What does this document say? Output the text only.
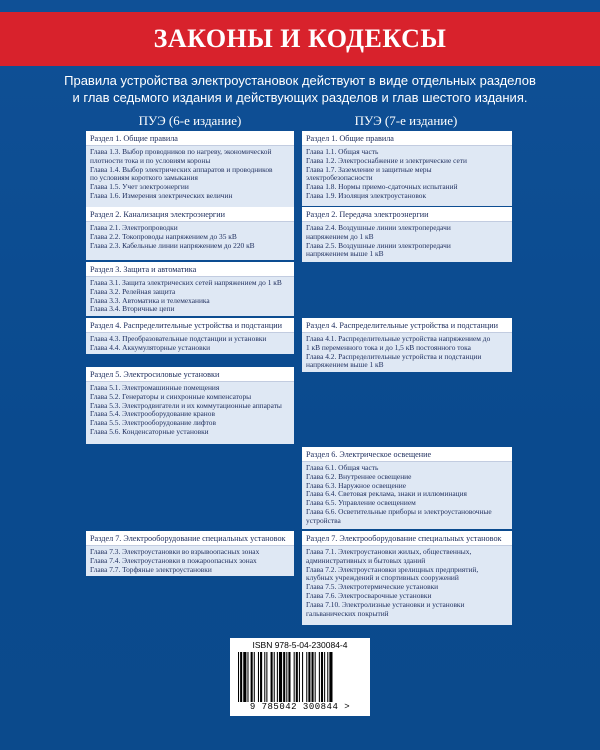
ЗАКОНЫ И КОДЕКСЫ
Правила устройства электроустановок действуют в виде отдельных разделов
и глав седьмого издания и действующих разделов и глав шестого издания.
ПУЭ (6-е издание)	ПУЭ (7-е издание)
Раздел 1. Общие правила
Глава 1.3. Выбор проводников по нагреву, экономической
плотности тока и по условиям короны
Глава 1.4. Выбор электрических аппаратов и проводников
по условиям короткого замыкания
Глава 1.5. Учет электроэнергии
Глава 1.6. Измерения электрических величин
Раздел 2. Канализация электроэнергии
Глава 2.1. Электропроводки
Глава 2.2. Токопроводы напряжением до 35 кВ
Глава 2.3. Кабельные линии напряжением до 220 кВ
Раздел 3. Защита и автоматика
Глава 3.1. Защита электрических сетей напряжением до 1 кВ
Глава 3.2. Релейная защита
Глава 3.3. Автоматика и телемеханика
Глава 3.4. Вторичные цепи
Раздел 4. Распределительные устройства и подстанции
Глава 4.3. Преобразовательные подстанции и установки
Глава 4.4. Аккумуляторные установки
Раздел 5. Электросиловые установки
Глава 5.1. Электромашинные помещения
Глава 5.2. Генераторы и синхронные компенсаторы
Глава 5.3. Электродвигатели и их коммутационные аппараты
Глава 5.4. Электрооборудование кранов
Глава 5.5. Электрооборудование лифтов
Глава 5.6. Конденсаторные установки
Раздел 7. Электрооборудование специальных установок
Глава 7.3. Электроустановки во взрывоопасных зонах
Глава 7.4. Электроустановки в пожароопасных зонах
Глава 7.7. Торфяные электроустановки
Раздел 1. Общие правила
Глава 1.1. Общая часть
Глава 1.2. Электроснабжение и электрические сети
Глава 1.7. Заземление и защитные меры
электробезопасности
Глава 1.8. Нормы приемо-сдаточных испытаний
Глава 1.9. Изоляция электроустановок
Раздел 2. Передача электроэнергии
Глава 2.4. Воздушные линии электропередачи
напряжением до 1 кВ
Глава 2.5. Воздушные линии электропередачи
напряжением выше 1 кВ
Раздел 4. Распределительные устройства и подстанции
Глава 4.1. Распределительные устройства напряжением до
1 кВ переменного тока и до 1,5 кВ постоянного тока
Глава 4.2. Распределительные устройства и подстанции
напряжением выше 1 кВ
Раздел 6. Электрическое освещение
Глава 6.1. Общая часть
Глава 6.2. Внутреннее освещение
Глава 6.3. Наружное освещение
Глава 6.4. Световая реклама, знаки и иллюминация
Глава 6.5. Управление освещением
Глава 6.6. Осветительные приборы и электроустановочные
устройства
Раздел 7. Электрооборудование специальных установок
Глава 7.1. Электроустановки жилых, общественных,
административных и бытовых зданий
Глава 7.2. Электроустановки зрелищных предприятий,
клубных учреждений и спортивных сооружений
Глава 7.5. Электротермические установки
Глава 7.6. Электросварочные установки
Глава 7.10. Электролизные установки и установки
гальванических покрытий
ISBN 978-5-04-230084-4
9 785042 300844 >
